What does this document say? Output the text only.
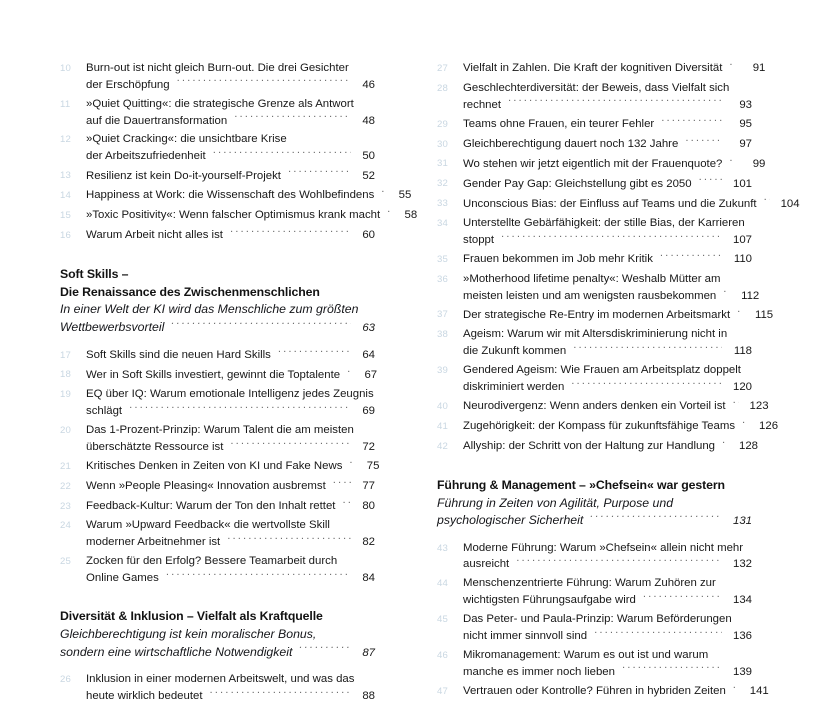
10	Burn-out ist nicht gleich Burn-out. Die drei Gesichter
der Erschöpfung .....	46
11	»Quiet Quitting«: die strategische Grenze als Antwort
auf die Dauertransformation .....	48
12	»Quiet Cracking«: die unsichtbare Krise
der Arbeitszufriedenheit .....	50
13	Resilienz ist kein Do-it-yourself-Projekt .....	52
14	Happiness at Work: die Wissenschaft des Wohlbefindens .....	55
15	»Toxic Positivity«: Wenn falscher Optimismus krank macht .....	58
16	Warum Arbeit nicht alles ist .....	60
Soft Skills –
Die Renaissance des Zwischenmenschlichen
In einer Welt der KI wird das Menschliche zum größten
Wettbewerbsvorteil .....	63
17	Soft Skills sind die neuen Hard Skills .....	64
18	Wer in Soft Skills investiert, gewinnt die Toptalente .....	67
19	EQ über IQ: Warum emotionale Intelligenz jedes Zeugnis
schlägt .....	69
20	Das 1-Prozent-Prinzip: Warum Talent die am meisten
überschätzte Ressource ist .....	72
21	Kritisches Denken in Zeiten von KI und Fake News .....	75
22	Wenn »People Pleasing« Innovation ausbremst .....	77
23	Feedback-Kultur: Warum der Ton den Inhalt rettet .....	80
24	Warum »Upward Feedback« die wertvollste Skill
moderner Arbeitnehmer ist .....	82
25	Zocken für den Erfolg? Bessere Teamarbeit durch
Online Games .....	84
Diversität & Inklusion – Vielfalt als Kraftquelle
Gleichberechtigung ist kein moralischer Bonus,
sondern eine wirtschaftliche Notwendigkeit .....	87
26	Inklusion in einer modernen Arbeitswelt, und was das
heute wirklich bedeutet .....	88
27	Vielfalt in Zahlen. Die Kraft der kognitiven Diversität .....	91
28	Geschlechterdiversität: der Beweis, dass Vielfalt sich
rechnet .....	93
29	Teams ohne Frauen, ein teurer Fehler .....	95
30	Gleichberechtigung dauert noch 132 Jahre .....	97
31	Wo stehen wir jetzt eigentlich mit der Frauenquote? .....	99
32	Gender Pay Gap: Gleichstellung gibt es 2050 .....	101
33	Unconscious Bias: der Einfluss auf Teams und die Zukunft .....	104
34	Unterstellte Gebärfähigkeit: der stille Bias, der Karrieren
stoppt .....	107
35	Frauen bekommen im Job mehr Kritik .....	110
36	»Motherhood lifetime penalty«: Weshalb Mütter am
meisten leisten und am wenigsten rausbekommen .....	112
37	Der strategische Re-Entry im modernen Arbeitsmarkt .....	115
38	Ageism: Warum wir mit Altersdiskriminierung nicht in
die Zukunft kommen .....	118
39	Gendered Ageism: Wie Frauen am Arbeitsplatz doppelt
diskriminiert werden .....	120
40	Neurodivergenz: Wenn anders denken ein Vorteil ist .....	123
41	Zugehörigkeit: der Kompass für zukunftsfähige Teams .....	126
42	Allyship: der Schritt von der Haltung zur Handlung .....	128
Führung & Management – »Chefsein« war gestern
Führung in Zeiten von Agilität, Purpose und
psychologischer Sicherheit .....	131
43	Moderne Führung: Warum »Chefsein« allein nicht mehr
ausreicht .....	132
44	Menschenzentrierte Führung: Warum Zuhören zur
wichtigsten Führungsaufgabe wird .....	134
45	Das Peter- und Paula-Prinzip: Warum Beförderungen
nicht immer sinnvoll sind .....	136
46	Mikromanagement: Warum es out ist und warum
manche es immer noch lieben .....	139
47	Vertrauen oder Kontrolle? Führen in hybriden Zeiten .....	141
